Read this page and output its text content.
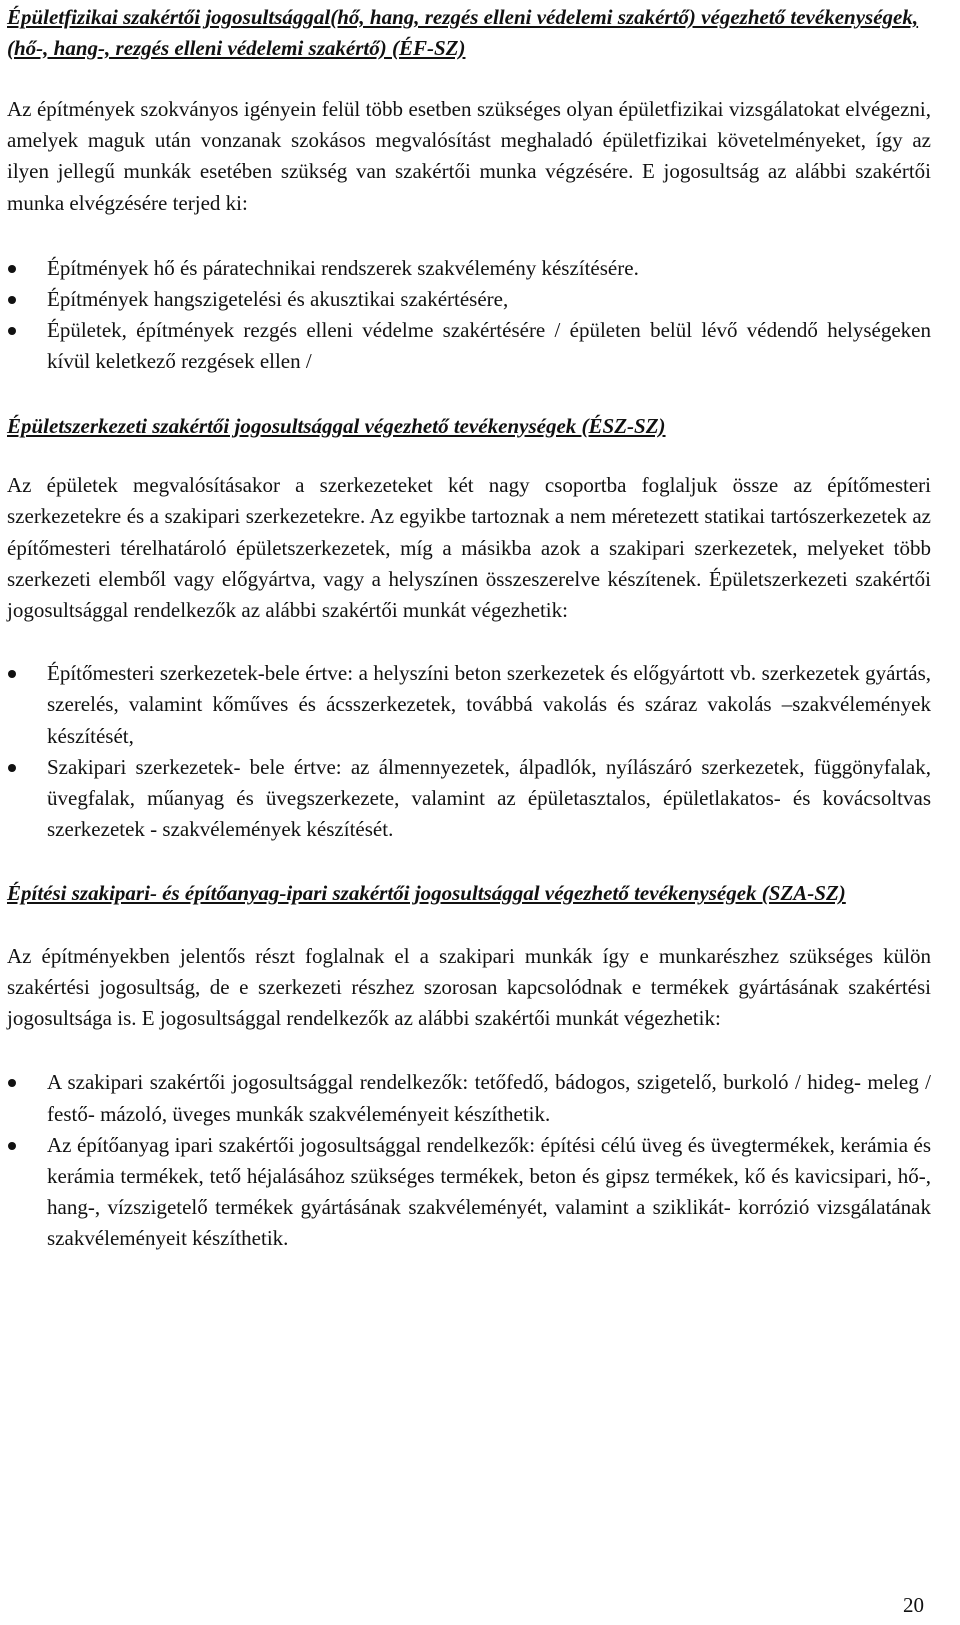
Épületfizikai szakértői jogosultsággal(hő, hang, rezgés elleni védelemi szakértő) végezhető tevékenységek, (hő-, hang-, rezgés elleni védelemi szakértő) (ÉF-SZ)

Az építmények szokványos igényein felül több esetben szükséges olyan épületfizikai vizsgálatokat elvégezni, amelyek maguk után vonzanak szokásos megvalósítást meghaladó épületfizikai követelményeket, így az ilyen jellegű munkák esetében szükség van szakértői munka végzésére. E jogosultság az alábbi szakértői munka elvégzésére terjed ki:

Építmények hő és páratechnikai rendszerek szakvélemény készítésére.
Építmények hangszigetelési és akusztikai szakértésére,
Épületek, építmények rezgés elleni védelme szakértésére / épületen belül lévő védendő helységeken kívül keletkező rezgések ellen /
Épületszerkezeti szakértői jogosultsággal végezhető tevékenységek (ÉSZ-SZ)

Az épületek megvalósításakor a szerkezeteket két nagy csoportba foglaljuk össze az építőmesteri szerkezetekre és a szakipari szerkezetekre. Az egyikbe tartoznak a nem méretezett statikai tartószerkezetek az építőmesteri térelhatároló épületszerkezetek, míg a másikba azok a szakipari szerkezetek, melyeket több szerkezeti elemből vagy előgyártva, vagy a helyszínen összeszerelve készítenek. Épületszerkezeti szakértői jogosultsággal rendelkezők az alábbi szakértői munkát végezhetik:

Építőmesteri szerkezetek-bele értve: a helyszíni beton szerkezetek és előgyártott vb. szerkezetek gyártás, szerelés, valamint kőműves és ácsszerkezetek, továbbá vakolás és száraz vakolás –szakvélemények készítését,
Szakipari szerkezetek- bele értve: az álmennyezetek, álpadlók, nyílászáró szerkezetek, függönyfalak, üvegfalak, műanyag és üvegszerkezete, valamint az épületasztalos, épületlakatos- és kovácsoltvas szerkezetek - szakvélemények készítését.
Építési szakipari- és építőanyag-ipari szakértői jogosultsággal végezhető tevékenységek (SZA-SZ)

Az építményekben jelentős részt foglalnak el a szakipari munkák így e munkarészhez szükséges külön szakértési jogosultság, de e szerkezeti részhez szorosan kapcsolódnak e termékek gyártásának szakértési jogosultsága is. E jogosultsággal rendelkezők az alábbi szakértői munkát végezhetik:

A szakipari szakértői jogosultsággal rendelkezők: tetőfedő, bádogos, szigetelő, burkoló / hideg- meleg / festő- mázoló, üveges munkák szakvéleményeit készíthetik.
Az építőanyag ipari szakértői jogosultsággal rendelkezők: építési célú üveg és üvegtermékek, kerámia és kerámia termékek, tető héjalásához szükséges termékek, beton és gipsz termékek, kő és kavicsipari, hő-, hang-, vízszigetelő termékek gyártásának szakvéleményét, valamint a sziklikát- korrózió vizsgálatának szakvéleményeit készíthetik.
20
